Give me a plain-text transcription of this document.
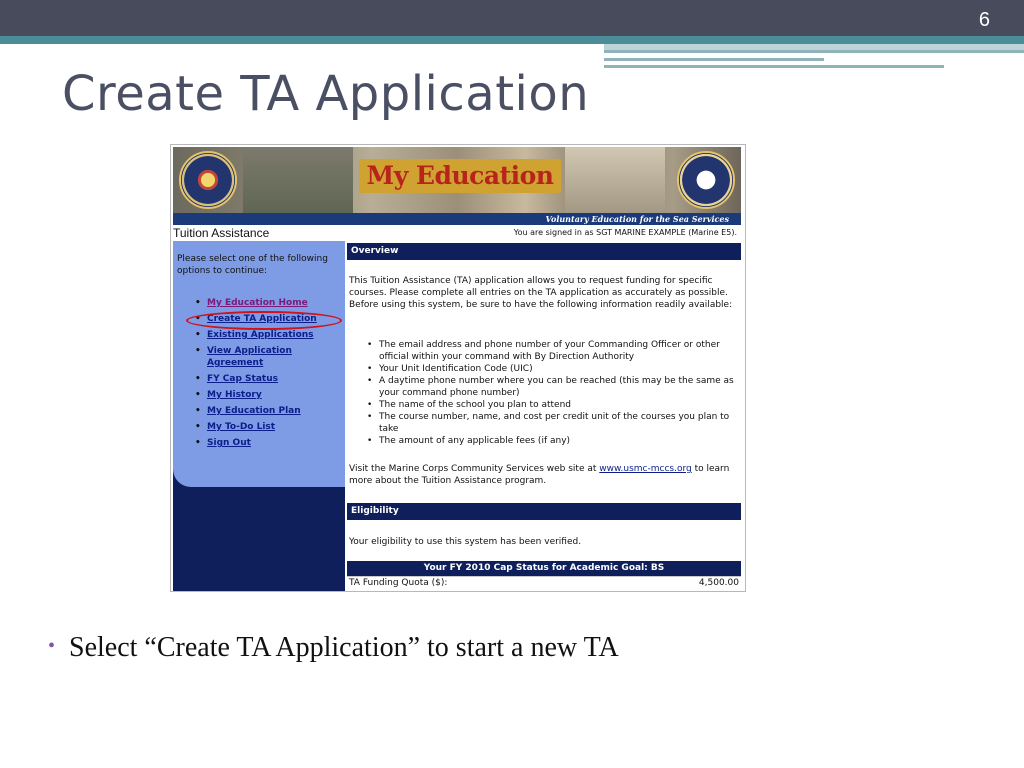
6
Create TA Application
My Education
Voluntary Education for the Sea Services
Tuition Assistance	You are signed in as SGT MARINE EXAMPLE (Marine E5).
Please select one of the following options to continue:
• My Education Home
• Create TA Application
• Existing Applications
• View Application Agreement
• FY Cap Status
• My History
• My Education Plan
• My To-Do List
• Sign Out
Overview
This Tuition Assistance (TA) application allows you to request funding for specific courses. Please complete all entries on the TA application as accurately as possible. Before using this system, be sure to have the following information readily available:
• The email address and phone number of your Commanding Officer or other official within your command with By Direction Authority
• Your Unit Identification Code (UIC)
• A daytime phone number where you can be reached (this may be the same as your command phone number)
• The name of the school you plan to attend
• The course number, name, and cost per credit unit of the courses you plan to take
• The amount of any applicable fees (if any)
Visit the Marine Corps Community Services web site at www.usmc-mccs.org to learn more about the Tuition Assistance program.
Eligibility
Your eligibility to use this system has been verified.
Your FY 2010 Cap Status for Academic Goal: BS
TA Funding Quota ($):	4,500.00
• Select “Create TA Application” to start a new TA
